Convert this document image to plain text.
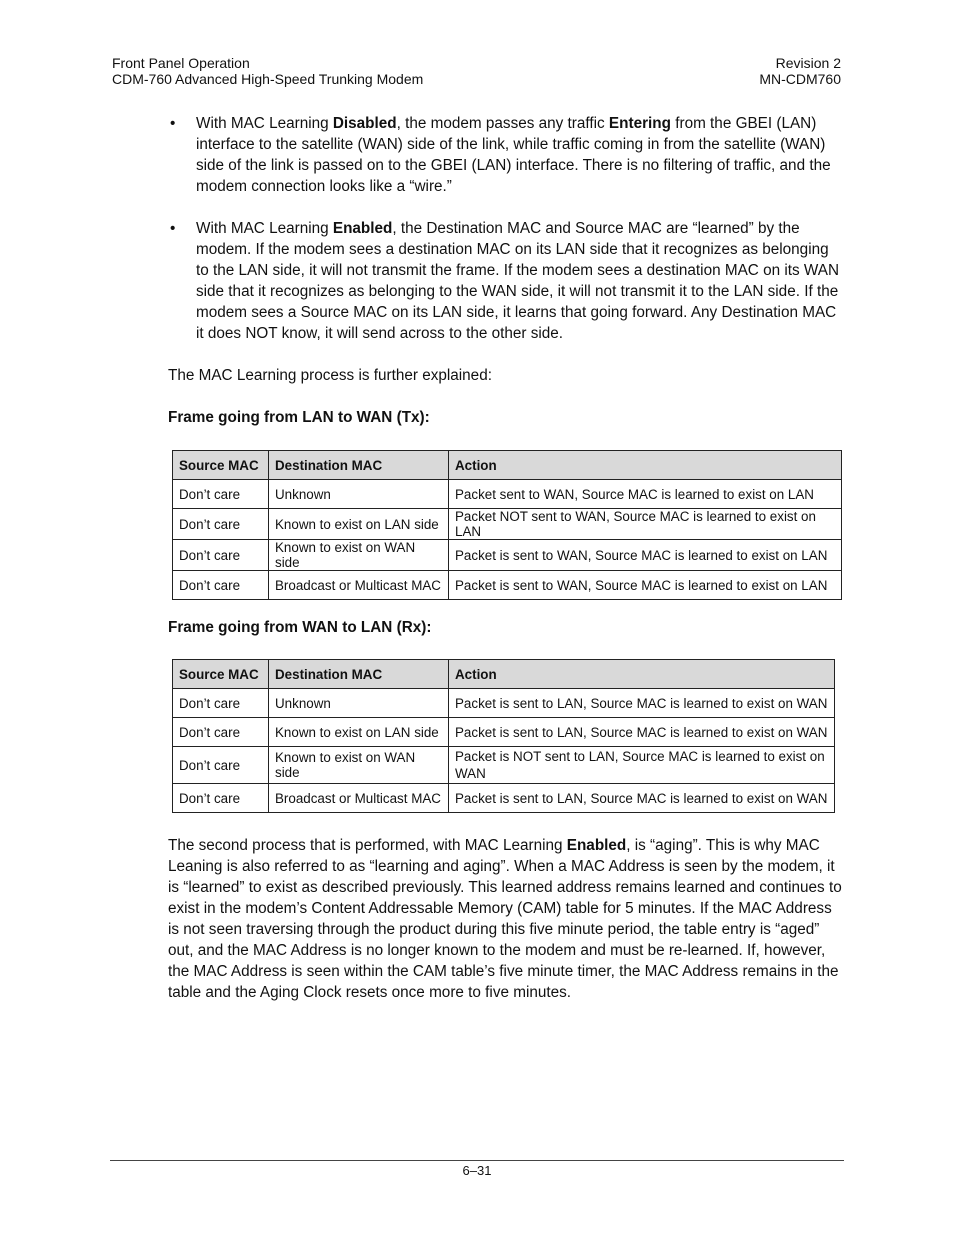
Front Panel Operation
CDM-760 Advanced High-Speed Trunking Modem
Revision 2
MN-CDM760
• With MAC Learning Disabled, the modem passes any traffic Entering from the GBEI (LAN) interface to the satellite (WAN) side of the link, while traffic coming in from the satellite (WAN) side of the link is passed on to the GBEI (LAN) interface. There is no filtering of traffic, and the modem connection looks like a “wire.”
• With MAC Learning Enabled, the Destination MAC and Source MAC are “learned” by the modem. If the modem sees a destination MAC on its LAN side that it recognizes as belonging to the LAN side, it will not transmit the frame. If the modem sees a destination MAC on its WAN side that it recognizes as belonging to the WAN side, it will not transmit it to the LAN side. If the modem sees a Source MAC on its LAN side, it learns that going forward. Any Destination MAC it does NOT know, it will send across to the other side.

The MAC Learning process is further explained:

Frame going from LAN to WAN (Tx):

Source MAC	Destination MAC	Action
Don’t care	Unknown	Packet sent to WAN, Source MAC is learned to exist on LAN
Don’t care	Known to exist on LAN side	Packet NOT sent to WAN, Source MAC is learned to exist on LAN
Don’t care	Known to exist on WAN side	Packet is sent to WAN, Source MAC is learned to exist on LAN
Don’t care	Broadcast or Multicast MAC	Packet is sent to WAN, Source MAC is learned to exist on LAN

Frame going from WAN to LAN (Rx):

Source MAC	Destination MAC	Action
Don’t care	Unknown	Packet is sent to LAN, Source MAC is learned to exist on WAN
Don’t care	Known to exist on LAN side	Packet is sent to LAN, Source MAC is learned to exist on WAN
Don’t care	Known to exist on WAN side	Packet is NOT sent to LAN, Source MAC is learned to exist on WAN
Don’t care	Broadcast or Multicast MAC	Packet is sent to LAN, Source MAC is learned to exist on WAN

The second process that is performed, with MAC Learning Enabled, is “aging”. This is why MAC Leaning is also referred to as “learning and aging”. When a MAC Address is seen by the modem, it is “learned” to exist as described previously. This learned address remains learned and continues to exist in the modem’s Content Addressable Memory (CAM) table for 5 minutes. If the MAC Address is not seen traversing through the product during this five minute period, the table entry is “aged” out, and the MAC Address is no longer known to the modem and must be re-learned. If, however, the MAC Address is seen within the CAM table’s five minute timer, the MAC Address remains in the table and the Aging Clock resets once more to five minutes.

6–31
